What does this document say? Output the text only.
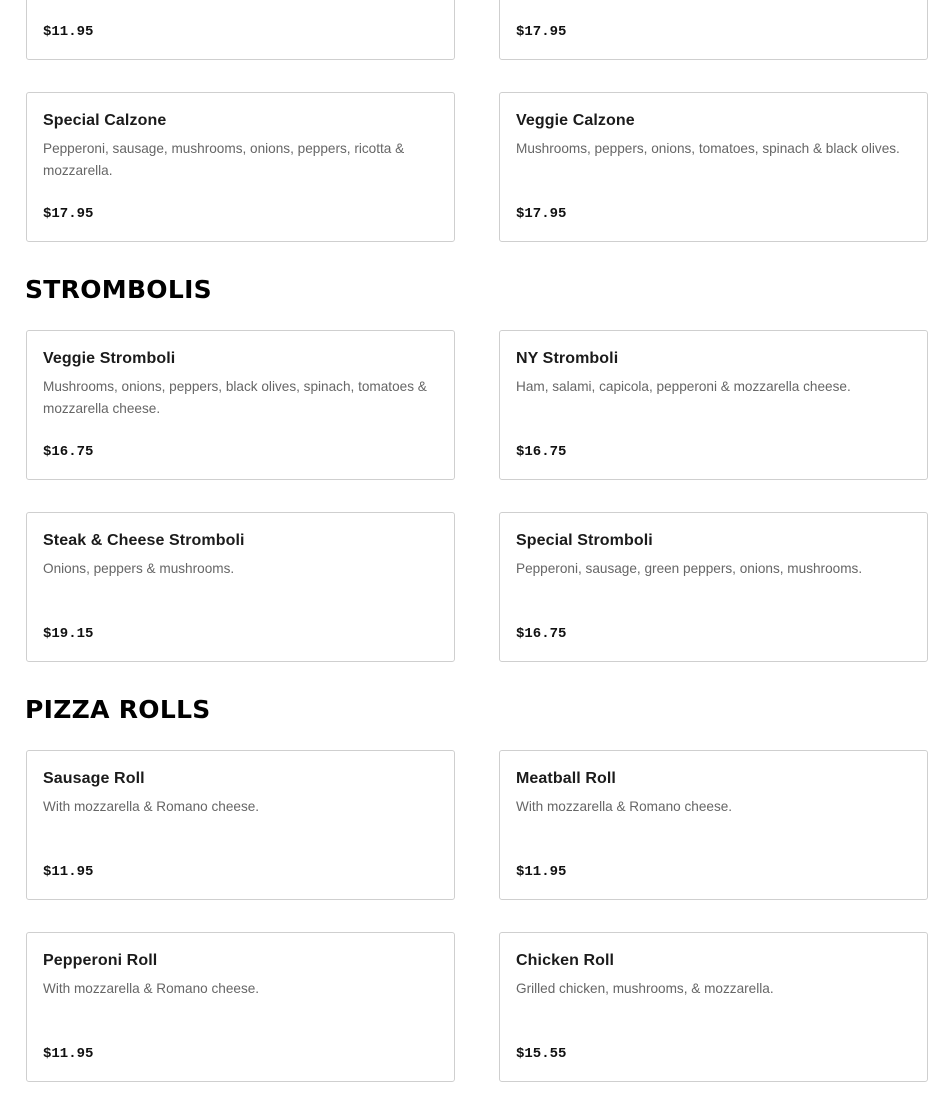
$11.95	$17.95
Special Calzone
Pepperoni, sausage, mushrooms, onions, peppers, ricotta & mozzarella.
$17.95
Veggie Calzone
Mushrooms, peppers, onions, tomatoes, spinach & black olives.
$17.95
STROMBOLIS
Veggie Stromboli
Mushrooms, onions, peppers, black olives, spinach, tomatoes & mozzarella cheese.
$16.75
NY Stromboli
Ham, salami, capicola, pepperoni & mozzarella cheese.
$16.75
Steak & Cheese Stromboli
Onions, peppers & mushrooms.
$19.15
Special Stromboli
Pepperoni, sausage, green peppers, onions, mushrooms.
$16.75
PIZZA ROLLS
Sausage Roll
With mozzarella & Romano cheese.
$11.95
Meatball Roll
With mozzarella & Romano cheese.
$11.95
Pepperoni Roll
With mozzarella & Romano cheese.
$11.95
Chicken Roll
Grilled chicken, mushrooms, & mozzarella.
$15.55
